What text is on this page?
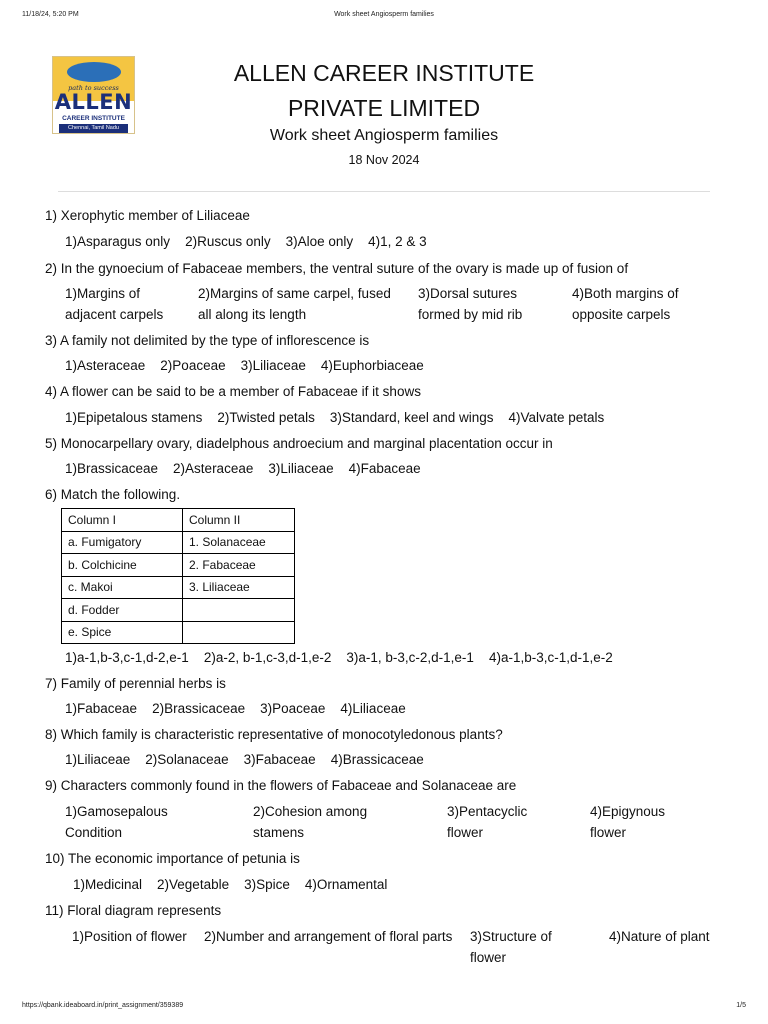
11/18/24, 5:20 PM	Work sheet Angiosperm families
path to success
ALLEN
CAREER INSTITUTE
Chennai, Tamil Nadu
ALLEN CAREER INSTITUTE
PRIVATE LIMITED
Work sheet Angiosperm families
18 Nov 2024
1) Xerophytic member of Liliaceae
1)Asparagus only 2)Ruscus only 3)Aloe only 4)1, 2 & 3
2) In the gynoecium of Fabaceae members, the ventral suture of the ovary is made up of fusion of
1)Margins of adjacent carpels
2)Margins of same carpel, fused all along its length
3)Dorsal sutures formed by mid rib
4)Both margins of opposite carpels
3) A family not delimited by the type of inflorescence is
1)Asteraceae 2)Poaceae 3)Liliaceae 4)Euphorbiaceae
4) A flower can be said to be a member of Fabaceae if it shows
1)Epipetalous stamens 2)Twisted petals 3)Standard, keel and wings 4)Valvate petals
5) Monocarpellary ovary, diadelphous androecium and marginal placentation occur in
1)Brassicaceae 2)Asteraceae 3)Liliaceae 4)Fabaceae
6) Match the following.
Column I	Column II
a. Fumigatory	1. Solanaceae
b. Colchicine	2. Fabaceae
c. Makoi	3. Liliaceae
d. Fodder	
e. Spice	
1)a-1,b-3,c-1,d-2,e-1 2)a-2, b-1,c-3,d-1,e-2 3)a-1, b-3,c-2,d-1,e-1 4)a-1,b-3,c-1,d-1,e-2
7) Family of perennial herbs is
1)Fabaceae 2)Brassicaceae 3)Poaceae 4)Liliaceae
8) Which family is characteristic representative of monocotyledonous plants?
1)Liliaceae 2)Solanaceae 3)Fabaceae 4)Brassicaceae
9) Characters commonly found in the flowers of Fabaceae and Solanaceae are
1)Gamosepalous Condition
2)Cohesion among stamens
3)Pentacyclic flower
4)Epigynous flower
10) The economic importance of petunia is
1)Medicinal 2)Vegetable 3)Spice 4)Ornamental
11) Floral diagram represents
1)Position of flower	2)Number and arrangement of floral parts 3)Structure of flower
4)Nature of plant
https://qbank.ideaboard.in/print_assignment/359389	1/5
